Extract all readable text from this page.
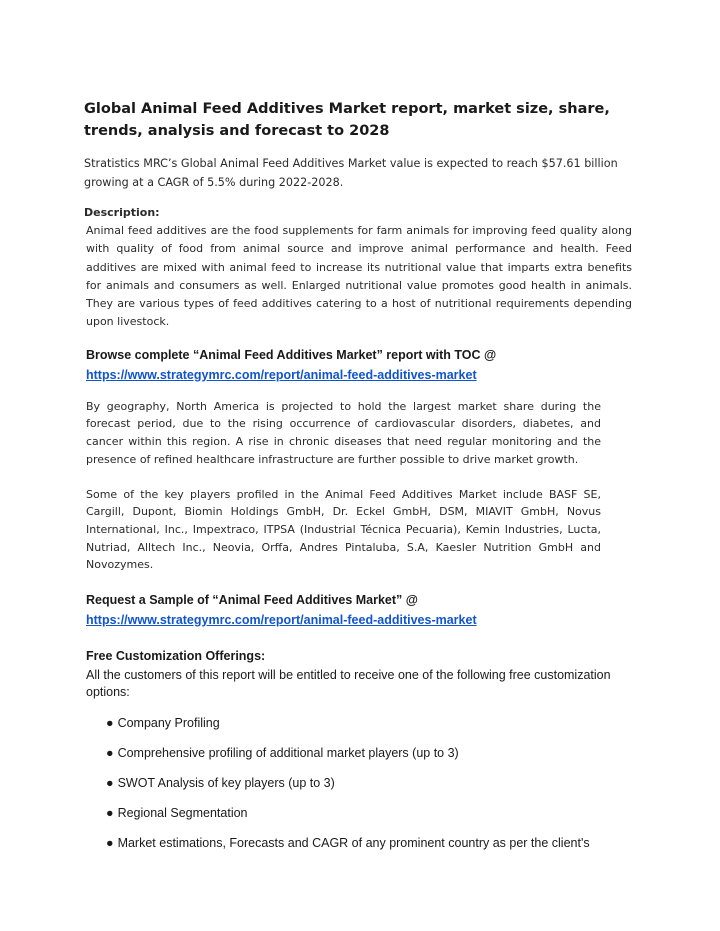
Global Animal Feed Additives Market report, market size, share, trends, analysis and forecast to 2028

Stratistics MRC’s Global Animal Feed Additives Market value is expected to reach $57.61 billion growing at a CAGR of 5.5% during 2022-2028.

Description:

Animal feed additives are the food supplements for farm animals for improving feed quality along with quality of food from animal source and improve animal performance and health. Feed additives are mixed with animal feed to increase its nutritional value that imparts extra benefits for animals and consumers as well. Enlarged nutritional value promotes good health in animals. They are various types of feed additives catering to a host of nutritional requirements depending upon livestock.

Browse complete “Animal Feed Additives Market” report with TOC @

https://www.strategymrc.com/report/animal-feed-additives-market

By geography, North America is projected to hold the largest market share during the forecast period, due to the rising occurrence of cardiovascular disorders, diabetes, and cancer within this region. A rise in chronic diseases that need regular monitoring and the presence of refined healthcare infrastructure are further possible to drive market growth.

Some of the key players profiled in the Animal Feed Additives Market include BASF SE, Cargill, Dupont, Biomin Holdings GmbH, Dr. Eckel GmbH, DSM, MIAVIT GmbH, Novus International, Inc., Impextraco, ITPSA (Industrial Técnica Pecuaria), Kemin Industries, Lucta, Nutriad, Alltech Inc., Neovia, Orffa, Andres Pintaluba, S.A, Kaesler Nutrition GmbH and Novozymes.

Request a Sample of “Animal Feed Additives Market” @

https://www.strategymrc.com/report/animal-feed-additives-market

Free Customization Offerings:

All the customers of this report will be entitled to receive one of the following free customization options:

● Company Profiling
● Comprehensive profiling of additional market players (up to 3)
● SWOT Analysis of key players (up to 3)
● Regional Segmentation
● Market estimations, Forecasts and CAGR of any prominent country as per the client's
